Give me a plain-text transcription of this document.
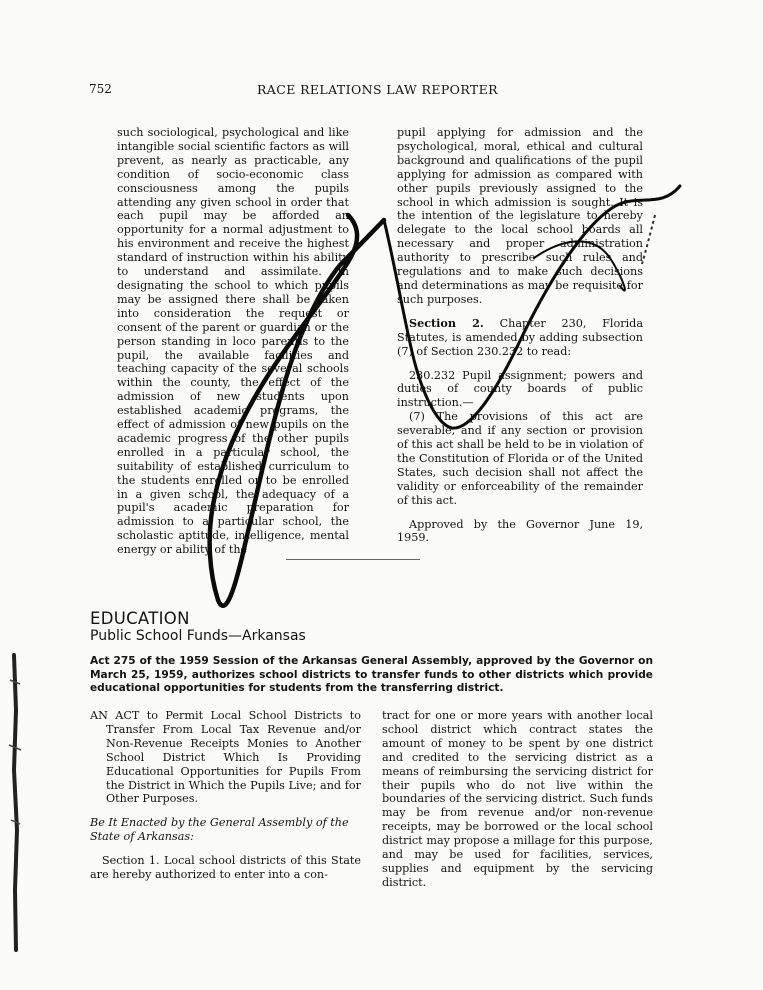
752	RACE RELATIONS LAW REPORTER

such sociological, psychological and like intangible social scientific factors as will prevent, as nearly as practicable, any condition of socio-economic class consciousness among the pupils attending any given school in order that each pupil may be afforded an opportunity for a normal adjustment to his environment and receive the highest standard of instruction within his ability to understand and assimilate. In designating the school to which pupils may be assigned there shall be taken into consideration the request or consent of the parent or guardian or the person standing in loco parentis to the pupil, the available facilities and teaching capacity of the several schools within the county, the effect of the admission of new students upon established academic programs, the effect of admission of new pupils on the academic progress of the other pupils enrolled in a particular school, the suitability of established curriculum to the students enrolled or to be enrolled in a given school, the adequacy of a pupil's academic preparation for admission to a particular school, the scholastic aptitude, intelligence, mental energy or ability of the

pupil applying for admission and the psychological, moral, ethical and cultural background and qualifications of the pupil applying for admission as compared with other pupils previously assigned to the school in which admission is sought. It is the intention of the legislature to hereby delegate to the local school boards all necessary and proper administration authority to prescribe such rules and regulations and to make such decisions and determinations as may be requisite for such purposes.

Section 2. Chapter 230, Florida Statutes, is amended by adding subsection (7) of Section 230.232 to read:

230.232 Pupil assignment; powers and duties of county boards of public instruction.—

(7) The provisions of this act are severable, and if any section or provision of this act shall be held to be in violation of the Constitution of Florida or of the United States, such decision shall not affect the validity or enforceability of the remainder of this act.

Approved by the Governor June 19, 1959.

EDUCATION
Public School Funds—Arkansas

Act 275 of the 1959 Session of the Arkansas General Assembly, approved by the Governor on March 25, 1959, authorizes school districts to transfer funds to other districts which provide educational opportunities for students from the transferring district.

AN ACT to Permit Local School Districts to Transfer From Local Tax Revenue and/or Non-Revenue Receipts Monies to Another School District Which Is Providing Educational Opportunities for Pupils From the District in Which the Pupils Live; and for Other Purposes.

Be It Enacted by the General Assembly of the State of Arkansas:

Section 1. Local school districts of this State are hereby authorized to enter into a con-

tract for one or more years with another local school district which contract states the amount of money to be spent by one district and credited to the servicing district as a means of reimbursing the servicing district for their pupils who do not live within the boundaries of the servicing district. Such funds may be from revenue and/or non-revenue receipts, may be borrowed or the local school district may propose a millage for this purpose, and may be used for facilities, services, supplies and equipment by the servicing district.
